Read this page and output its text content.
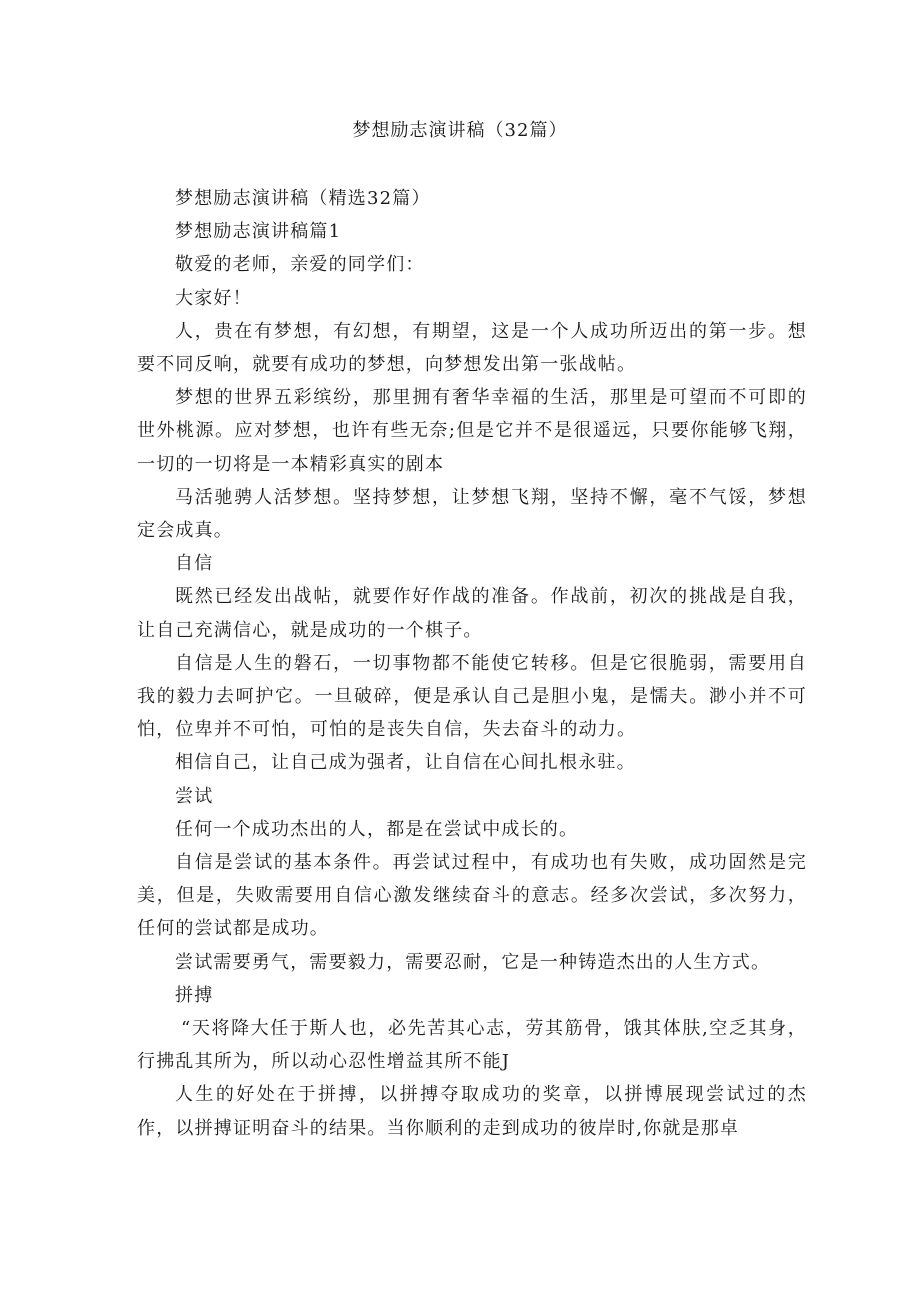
梦想励志演讲稿（32篇）

梦想励志演讲稿（精选32篇）

梦想励志演讲稿篇1

敬爱的老师，亲爱的同学们：

大家好！

人，贵在有梦想，有幻想，有期望，这是一个人成功所迈出的第一步。想要不同反响，就要有成功的梦想，向梦想发出第一张战帖。

梦想的世界五彩缤纷，那里拥有奢华幸福的生活，那里是可望而不可即的世外桃源。应对梦想，也许有些无奈;但是它并不是很遥远，只要你能够飞翔，一切的一切将是一本精彩真实的剧本

马活驰骋人活梦想。坚持梦想，让梦想飞翔，坚持不懈，毫不气馁，梦想定会成真。

自信

既然已经发出战帖，就要作好作战的准备。作战前，初次的挑战是自我，让自己充满信心，就是成功的一个棋子。

自信是人生的磐石，一切事物都不能使它转移。但是它很脆弱，需要用自我的毅力去呵护它。一旦破碎，便是承认自己是胆小鬼，是懦夫。渺小并不可怕，位卑并不可怕，可怕的是丧失自信，失去奋斗的动力。

相信自己，让自己成为强者，让自信在心间扎根永驻。

尝试

任何一个成功杰出的人，都是在尝试中成长的。

自信是尝试的基本条件。再尝试过程中，有成功也有失败，成功固然是完美，但是，失败需要用自信心激发继续奋斗的意志。经多次尝试，多次努力，任何的尝试都是成功。

尝试需要勇气，需要毅力，需要忍耐，它是一种铸造杰出的人生方式。

拼搏

“天将降大任于斯人也，必先苦其心志，劳其筋骨，饿其体肤,空乏其身，行拂乱其所为，所以动心忍性增益其所不能J

人生的好处在于拼搏，以拼搏夺取成功的奖章，以拼博展现尝试过的杰作，以拼搏证明奋斗的结果。当你顺利的走到成功的彼岸时,你就是那卓
